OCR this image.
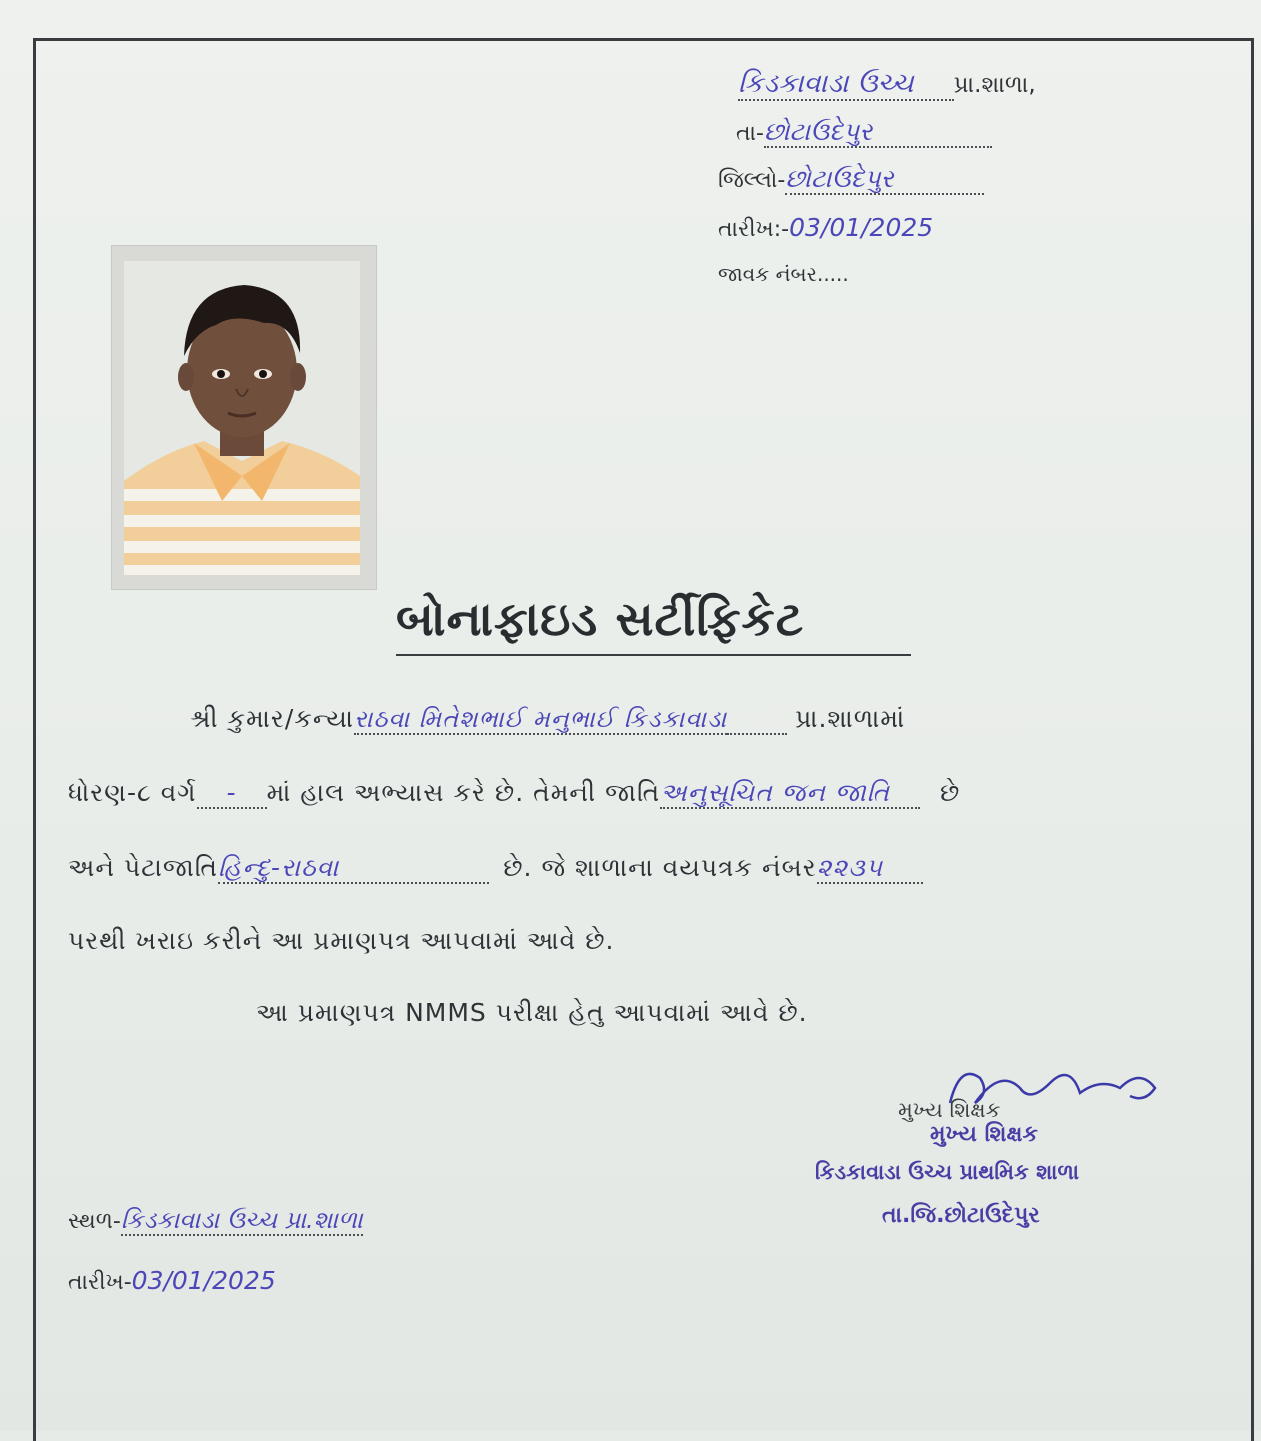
કિડકાવાડા ઉચ્ચ પ્રા.શાળા,
તા-છોટાઉદેપુર
જિલ્લો-છોટાઉદેપુર
તારીખ:-03/01/2025
જાવક નંબર.....
બોનાફાઇડ સર્ટીફિકેટ
શ્રી કુમાર/કન્યારાઠવા મિતેશભાઈ મનુભાઈ કિડકાવાડા	પ્રા.શાળામાં
ધોરણ-૮ વર્ગ - માં હાલ અભ્યાસ કરે છે. તેમની જાતિઅનુસૂચિત જન જાતિ છે
અને પેટાજાતિહિન્દુ-રાઠવા	છે. જે શાળાના વયપત્રક નંબર૨૨૩૫
પરથી ખરાઇ કરીને આ પ્રમાણપત્ર આપવામાં આવે છે.
આ પ્રમાણપત્ર NMMS પરીક્ષા હેતુ આપવામાં આવે છે.
મુખ્ય શિક્ષક
મુખ્ય શિક્ષક
કિડકાવાડા ઉચ્ચ પ્રાથમિક શાળા
તા.જિ.છોટાઉદેપુર
સ્થળ-કિડકાવાડા ઉચ્ચ પ્રા.શાળા
તારીખ-03/01/2025
